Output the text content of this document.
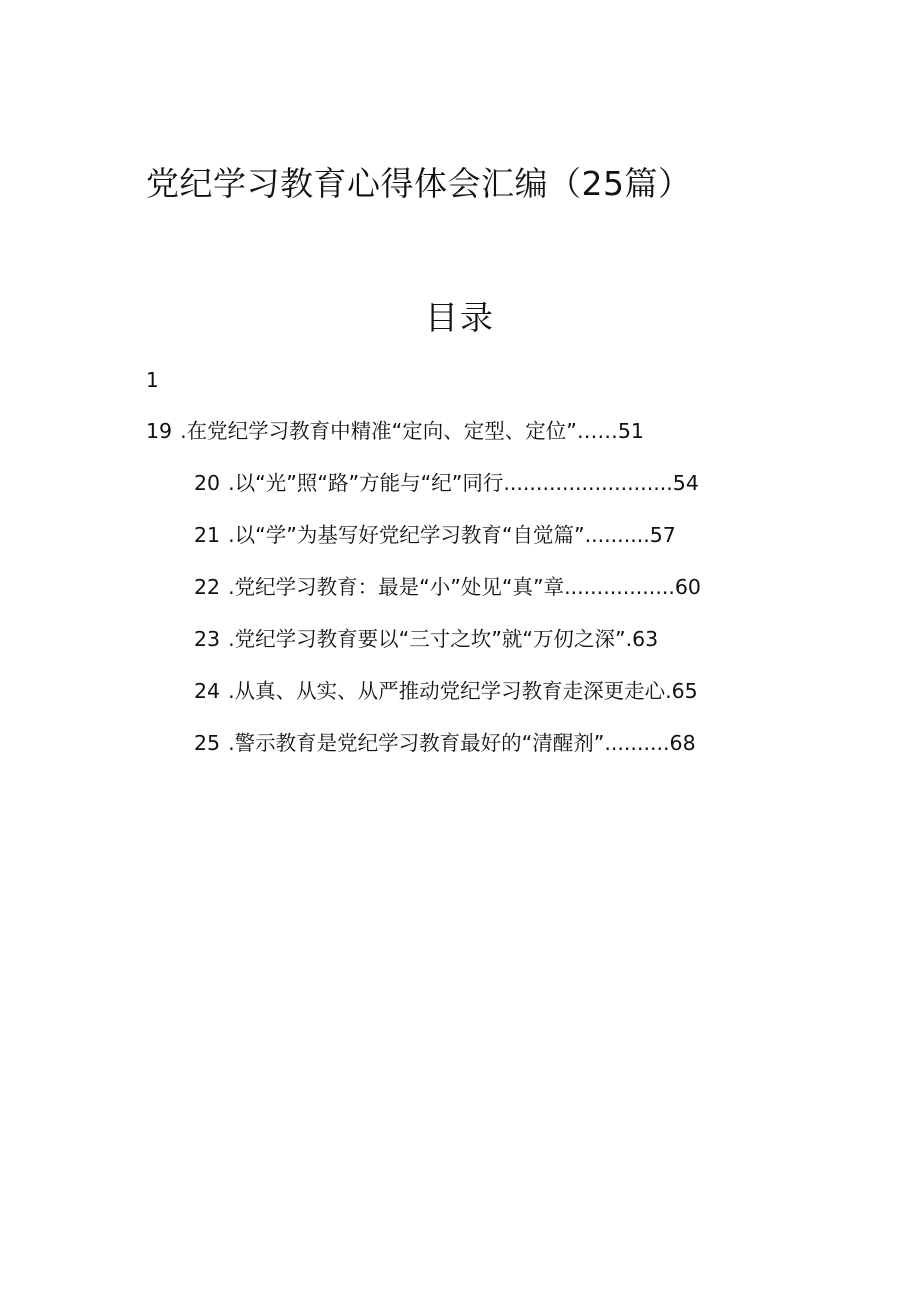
党纪学习教育心得体会汇编（25篇）
目录
1
19 .在党纪学习教育中精准“定向、定型、定位”……51
20 .以“光”照“路”方能与“纪”同行..........................54
21 .以“学”为基写好党纪学习教育“自觉篇”..........57
22 .党纪学习教育：最是“小”处见“真”章.................60
23 .党纪学习教育要以“三寸之坎”就“万仞之深”.63
24 .从真、从实、从严推动党纪学习教育走深更走心.65
25 .警示教育是党纪学习教育最好的“清醒剂”..........68
